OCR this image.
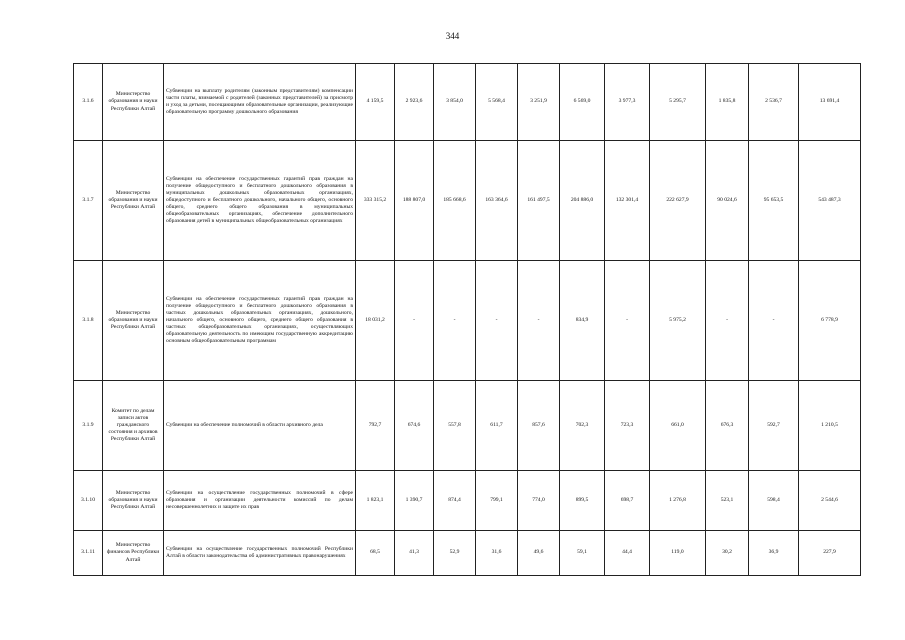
344
3.1.6	Министерство образования и науки Республики Алтай	Субвенции на выплату родителям (законным представителям) компенсации части платы, взимаемой с родителей (законных представителей) за присмотр и уход за детьми, посещающими образовательные организации, реализующие образовательную программу дошкольного образования	4 159,5	2 923,6	3 854,0	5 568,4	3 251,9	6 569,0	3 977,3	5 295,7	1 835,8	2 536,7	13 691,4
3.1.7	Министерство образования и науки Республики Алтай	Субвенции на обеспечение государственных гарантий прав граждан на получение общедоступного и бесплатного дошкольного образования в муниципальных дошкольных образовательных организациях, общедоступного и бесплатного дошкольного, начального общего, основного общего, среднего общего образования в муниципальных общеобразовательных организациях, обеспечение дополнительного образования детей в муниципальных общеобразовательных организациях	333 315,2	188 807,0	185 668,6	163 364,6	161 497,5	204 886,0	132 301,4	222 627,9	90 024,6	95 653,5	543 487,3
3.1.8	Министерство образования и науки Республики Алтай	Субвенции на обеспечение государственных гарантий прав граждан на получение общедоступного и бесплатного дошкольного образования в частных дошкольных образовательных организациях, дошкольного, начального общего, основного общего, среднего общего образования в частных общеобразовательных организациях, осуществляющих образовательную деятельность по имеющим государственную аккредитацию основным общеобразовательным программам	18 031,2	-	-	-	-	834,9	-	5 975,2	-	-	6 778,9
3.1.9	Комитет по делам записи актов гражданского состояния и архивов Республики Алтай	Субвенции на обеспечение полномочий в области архивного дела	792,7	674,6	557,8	611,7	857,6	702,3	723,3	661,0	676,3	592,7	1 210,5
3.1.10	Министерство образования и науки Республики Алтай	Субвенции на осуществление государственных полномочий в сфере образования и организации деятельности комиссий по делам несовершеннолетних и защите их прав	1 823,1	1 390,7	874,4	799,1	774,0	899,5	698,7	1 276,8	523,1	598,4	2 544,6
3.1.11	Министерство финансов Республики Алтай	Субвенции на осуществление государственных полномочий Республики Алтай в области законодательства об административных правонарушениях	68,5	41,3	52,9	31,6	49,6	59,1	44,4	119,0	30,2	36,9	227,9
